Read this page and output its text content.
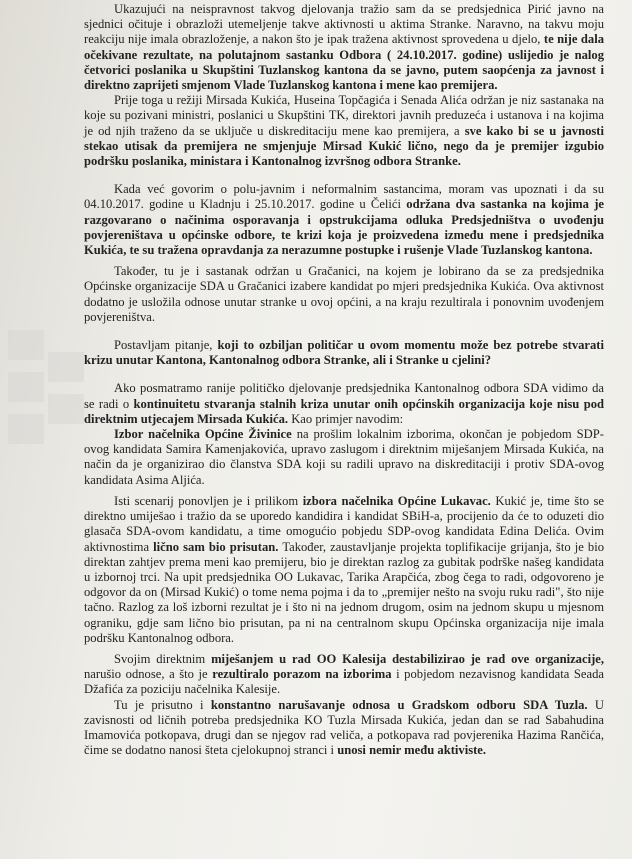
Ukazujući na neispravnost takvog djelovanja tražio sam da se predsjednica Pirić javno na sjednici očituje i obrazloži utemeljenje takve aktivnosti u aktima Stranke. Naravno, na takvu moju reakciju nije imala obrazloženje, a nakon što je ipak tražena aktivnost sprovedena u djelo, te nije dala očekivane rezultate, na polutajnom sastanku Odbora ( 24.10.2017. godine) uslijedio je nalog četvorici poslanika u Skupštini Tuzlanskog kantona da se javno, putem saopćenja za javnost i direktno zaprijeti smjenom Vlade Tuzlanskog kantona i mene kao premijera.

Prije toga u režiji Mirsada Kukića, Huseina Topčagića i Senada Alića održan je niz sastanaka na koje su pozivani ministri, poslanici u Skupštini TK, direktori javnih preduzeća i ustanova i na kojima je od njih traženo da se uključe u diskreditaciju mene kao premijera, a sve kako bi se u javnosti stekao utisak da premijera ne smjenjuje Mirsad Kukić lično, nego da je premijer izgubio podršku poslanika, ministara i Kantonalnog izvršnog odbora Stranke.

Kada već govorim o polu-javnim i neformalnim sastancima, moram vas upoznati i da su 04.10.2017. godine u Kladnju i 25.10.2017. godine u Čelići održana dva sastanka na kojima je razgovarano o načinima osporavanja i opstrukcijama odluka Predsjedništva o uvođenju povjereništava u općinske odbore, te krizi koja je proizvedena između mene i predsjednika Kukića, te su tražena opravdanja za nerazumne postupke i rušenje Vlade Tuzlanskog kantona.

Također, tu je i sastanak održan u Gračanici, na kojem je lobirano da se za predsjednika Općinske organizacije SDA u Gračanici izabere kandidat po mjeri predsjednika Kukića. Ova aktivnost dodatno je usložila odnose unutar stranke u ovoj općini, a na kraju rezultirala i ponovnim uvođenjem povjereništva.

Postavljam pitanje, koji to ozbiljan političar u ovom momentu može bez potrebe stvarati krizu unutar Kantona, Kantonalnog odbora Stranke, ali i Stranke u cjelini?

Ako posmatramo ranije političko djelovanje predsjednika Kantonalnog odbora SDA vidimo da se radi o kontinuitetu stvaranja stalnih kriza unutar onih općinskih organizacija koje nisu pod direktnim utjecajem Mirsada Kukića. Kao primjer navodim:

Izbor načelnika Općine Živinice na prošlim lokalnim izborima, okončan je pobjedom SDP-ovog kandidata Samira Kamenjakovića, upravo zaslugom i direktnim miješanjem Mirsada Kukića, na način da je organizirao dio članstva SDA koji su radili upravo na diskreditaciji i protiv SDA-ovog kandidata Asima Aljića.

Isti scenarij ponovljen je i prilikom izbora načelnika Općine Lukavac. Kukić je, time što se direktno umiješao i tražio da se uporedo kandidira i kandidat SBiH-a, procijenio da će to oduzeti dio glasača SDA-ovom kandidatu, a time omogućio pobjedu SDP-ovog kandidata Edina Delića. Ovim aktivnostima lično sam bio prisutan. Također, zaustavljanje projekta toplifikacije grijanja, što je bio direktan zahtjev prema meni kao premijeru, bio je direktan razlog za gubitak podrške našeg kandidata u izbornoj trci. Na upit predsjednika OO Lukavac, Tarika Arapčića, zbog čega to radi, odgovoreno je odgovor da on (Mirsad Kukić) o tome nema pojma i da to „premijer nešto na svoju ruku radi", što nije tačno. Razlog za loš izborni rezultat je i što ni na jednom drugom, osim na jednom skupu u mjesnom ograniku, gdje sam lično bio prisutan, pa ni na centralnom skupu Općinska organizacija nije imala podršku Kantonalnog odbora.

Svojim direktnim miješanjem u rad OO Kalesija destabilizirao je rad ove organizacije, narušio odnose, a što je rezultiralo porazom na izborima i pobjedom nezavisnog kandidata Seada Džafića za poziciju načelnika Kalesije.

Tu je prisutno i konstantno narušavanje odnosa u Gradskom odboru SDA Tuzla. U zavisnosti od ličnih potreba predsjednika KO Tuzla Mirsada Kukića, jedan dan se rad Sabahudina Imamovića potkopava, drugi dan se njegov rad veliča, a potkopava rad povjerenika Hazima Rančića, čime se dodatno nanosi šteta cjelokupnoj stranci i unosi nemir među aktiviste.
